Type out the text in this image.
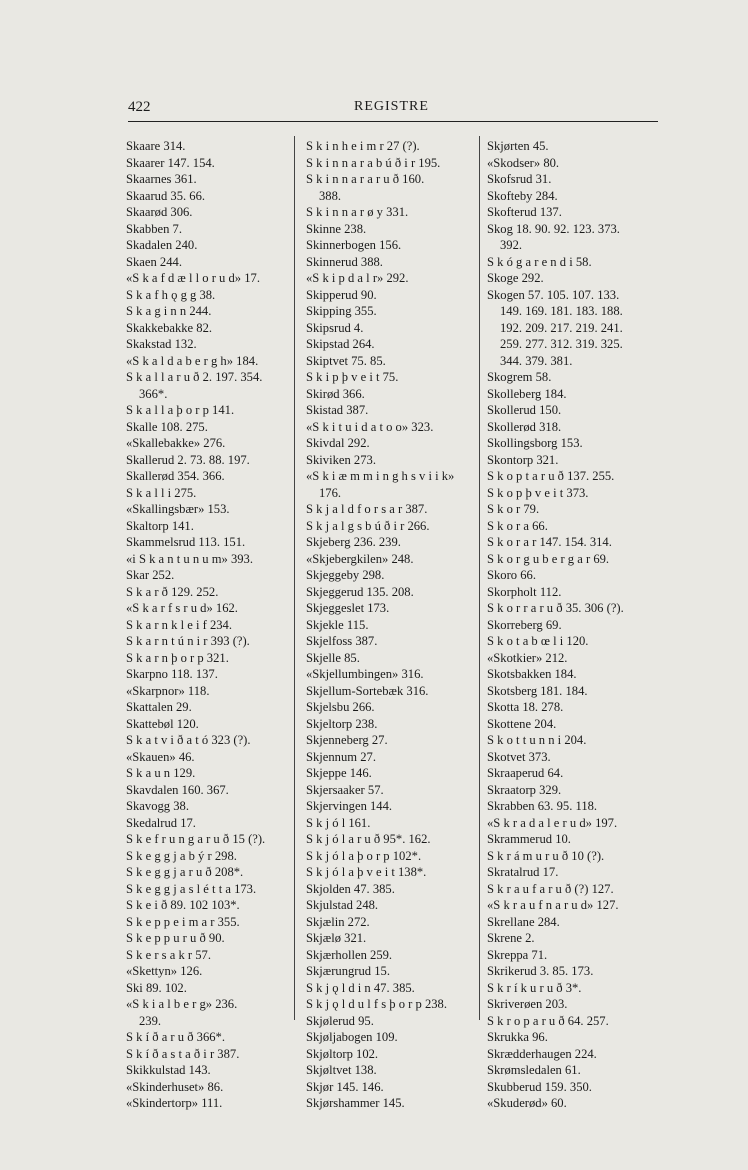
422	REGISTRE
Skaare 314.
Skaarer 147. 154.
Skaarnes 361.
Skaarud 35. 66.
Skaarød 306.
Skabben 7.
Skadalen 240.
Skaen 244.
«S k a f d æ l l o r u d» 17.
S k a f h ǫ g g 38.
S k a g i n n 244.
Skakkebakke 82.
Skakstad 132.
«S k a l d a b e r g h» 184.
S k a l l a r u ð 2. 197. 354.
366*.
S k a l l a þ o r p 141.
Skalle 108. 275.
«Skallebakke» 276.
Skallerud 2. 73. 88. 197.
Skallerød 354. 366.
S k a l l i 275.
«Skallingsbær» 153.
Skaltorp 141.
Skammelsrud 113. 151.
«i S k a n t u n u m» 393.
Skar 252.
S k a r ð 129. 252.
«S k a r f s r u d» 162.
S k a r n k l e i f 234.
S k a r n t ú n i r 393 (?).
S k a r n þ o r p 321.
Skarpno 118. 137.
«Skarpnor» 118.
Skattalen 29.
Skattebøl 120.
S k a t v i ð a t ó 323 (?).
«Skauen» 46.
S k a u n 129.
Skavdalen 160. 367.
Skavogg 38.
Skedalrud 17.
S k e f r u n g a r u ð 15 (?).
S k e g g j a b ý r 298.
S k e g g j a r u ð 208*.
S k e g g j a s l é t t a 173.
S k e i ð 89. 102 103*.
S k e p p e i m a r 355.
S k e p p u r u ð 90.
S k e r s a k r 57.
«Skettyn» 126.
Ski 89. 102.
«S k i a l b e r g» 236.
239.
S k í ð a r u ð 366*.
S k í ð a s t a ð i r 387.
Skikkulstad 143.
«Skinderhuset» 86.
«Skindertorp» 111.
S k i n h e i m r 27 (?).
S k i n n a r a b ú ð i r 195.
S k i n n a r a r u ð 160.
388.
S k i n n a r ø y 331.
Skinne 238.
Skinnerbogen 156.
Skinnerud 388.
«S k i p d a l r» 292.
Skipperud 90.
Skipping 355.
Skipsrud 4.
Skipstad 264.
Skiptvet 75. 85.
S k i p þ v e i t 75.
Skirød 366.
Skistad 387.
«S k i t u i d a t o o» 323.
Skivdal 292.
Skiviken 273.
«S k i æ m m i n g h s v i i k»
176.
S k j a l d f o r s a r 387.
S k j a l g s b ú ð i r 266.
Skjeberg 236. 239.
«Skjebergkilen» 248.
Skjeggeby 298.
Skjeggerud 135. 208.
Skjeggeslet 173.
Skjekle 115.
Skjelfoss 387.
Skjelle 85.
«Skjellumbingen» 316.
Skjellum-Sortebæk 316.
Skjelsbu 266.
Skjeltorp 238.
Skjenneberg 27.
Skjennum 27.
Skjeppe 146.
Skjersaaker 57.
Skjervingen 144.
S k j ó l 161.
S k j ó l a r u ð 95*. 162.
S k j ó l a þ o r p 102*.
S k j ó l a þ v e i t 138*.
Skjolden 47. 385.
Skjulstad 248.
Skjælin 272.
Skjælø 321.
Skjærhollen 259.
Skjærungrud 15.
S k j ǫ l d i n 47. 385.
S k j ǫ l d u l f s þ o r p 238.
Skjølerud 95.
Skjøljabogen 109.
Skjøltorp 102.
Skjøltvet 138.
Skjør 145. 146.
Skjørshammer 145.
Skjørten 45.
«Skodser» 80.
Skofsrud 31.
Skofteby 284.
Skofterud 137.
Skog 18. 90. 92. 123. 373.
392.
S k ó g a r e n d i 58.
Skoge 292.
Skogen 57. 105. 107. 133.
149. 169. 181. 183. 188.
192. 209. 217. 219. 241.
259. 277. 312. 319. 325.
344. 379. 381.
Skogrem 58.
Skolleberg 184.
Skollerud 150.
Skollerød 318.
Skollingsborg 153.
Skontorp 321.
S k o p t a r u ð 137. 255.
S k o p þ v e i t 373.
S k o r 79.
S k o r a 66.
S k o r a r 147. 154. 314.
S k o r g u b e r g a r 69.
Skoro 66.
Skorpholt 112.
S k o r r a r u ð 35. 306 (?).
Skorreberg 69.
S k o t a b œ l i 120.
«Skotkier» 212.
Skotsbakken 184.
Skotsberg 181. 184.
Skotta 18. 278.
Skottene 204.
S k o t t u n n i 204.
Skotvet 373.
Skraaperud 64.
Skraatorp 329.
Skrabben 63. 95. 118.
«S k r a d a l e r u d» 197.
Skrammerud 10.
S k r á m u r u ð 10 (?).
Skratalrud 17.
S k r a u f a r u ð (?) 127.
«S k r a u f n a r u d» 127.
Skrellane 284.
Skrene 2.
Skreppa 71.
Skrikerud 3. 85. 173.
S k r í k u r u ð 3*.
Skriverøen 203.
S k r o p a r u ð 64. 257.
Skrukka 96.
Skrædderhaugen 224.
Skrømsledalen 61.
Skubberud 159. 350.
«Skuderød» 60.
